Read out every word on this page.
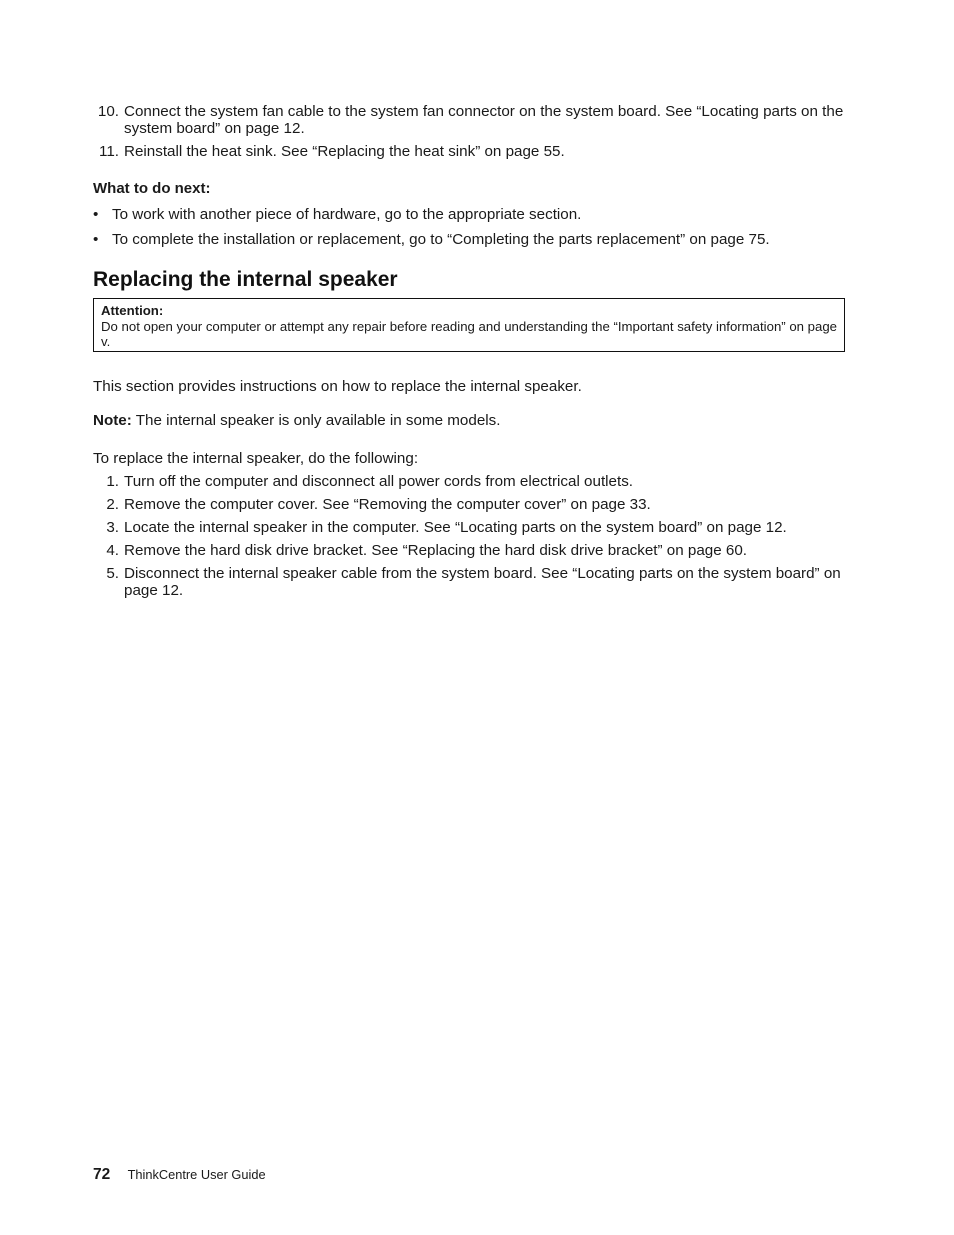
10. Connect the system fan cable to the system fan connector on the system board. See “Locating parts on the system board” on page 12.
11. Reinstall the heat sink. See “Replacing the heat sink” on page 55.

What to do next:

• To work with another piece of hardware, go to the appropriate section.
• To complete the installation or replacement, go to “Completing the parts replacement” on page 75.
Replacing the internal speaker
Attention:
Do not open your computer or attempt any repair before reading and understanding the “Important safety information” on page v.

This section provides instructions on how to replace the internal speaker.

Note: The internal speaker is only available in some models.

To replace the internal speaker, do the following:

1. Turn off the computer and disconnect all power cords from electrical outlets.
2. Remove the computer cover. See “Removing the computer cover” on page 33.
3. Locate the internal speaker in the computer. See “Locating parts on the system board” on page 12.
4. Remove the hard disk drive bracket. See “Replacing the hard disk drive bracket” on page 60.
5. Disconnect the internal speaker cable from the system board. See “Locating parts on the system board” on page 12.
72 ThinkCentre User Guide
